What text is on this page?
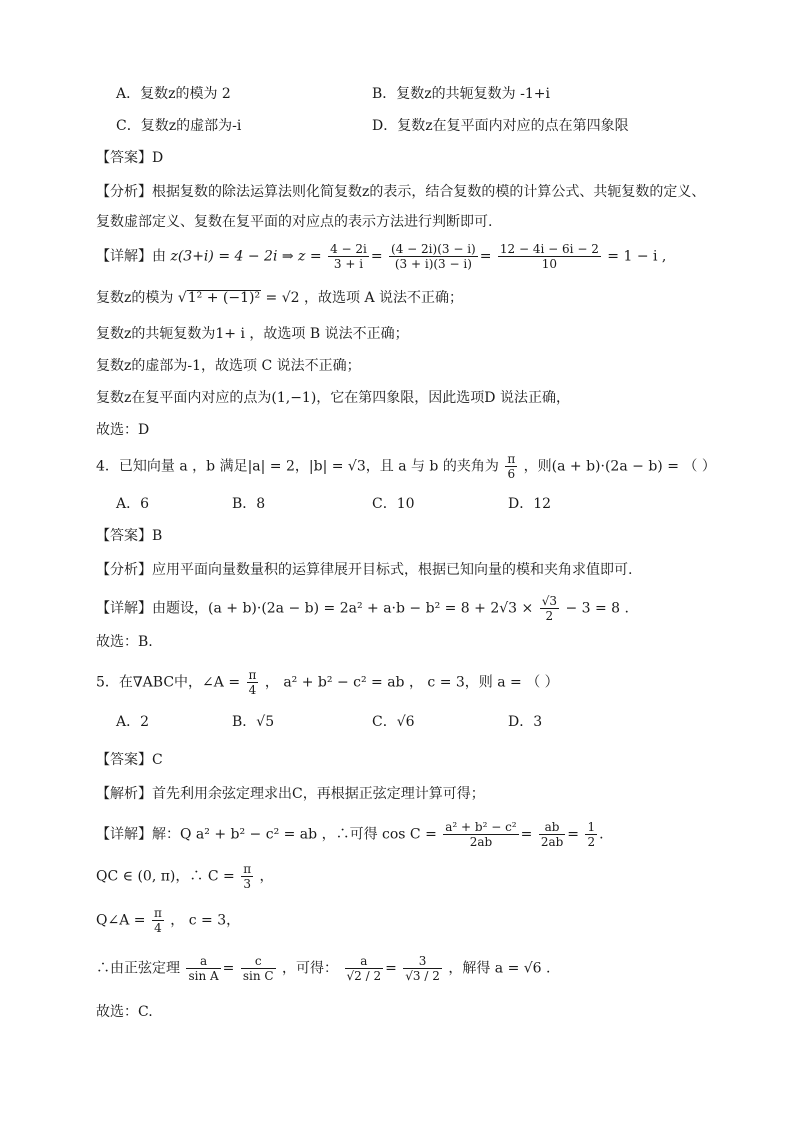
A．复数z的模为 2	B．复数z的共轭复数为 -1+i
C．复数z的虚部为-i	D．复数z在复平面内对应的点在第四象限
【答案】D
【分析】根据复数的除法运算法则化简复数z的表示，结合复数的模的计算公式、共轭复数的定义、
复数虚部定义、复数在复平面的对应点的表示方法进行判断即可.
【详解】由 z(3+i) = 4 − 2i ⇒ $z = \frac{4 - 2i}{3 + i} = \frac{(4 - 2i)(3 - i)}{(3 + i)(3 - i)} = \frac{12 - 4i - 6i - 2}{10} = 1 - i$ ,
复数z的模为 √1² + (−1)² = √2 ，故选项 A 说法不正确；
复数z的共轭复数为1+ i ，故选项 B 说法不正确；
复数z的虚部为-1，故选项 C 说法不正确；
复数z在复平面内对应的点为(1,−1)，它在第四象限，因此选项D 说法正确，
故选：D
4．已知向量 a ，b 满足|a| = 2，|b| = √3，且 a 与 b 的夹角为 $\frac{\pi}{6}$ ，则(a + b)·(2a − b) = （ ）
A．6	B．8	C．10	D．12
【答案】B
【分析】应用平面向量数量积的运算律展开目标式，根据已知向量的模和夹角求值即可.
【详解】由题设，$(a + b)\cdot(2a - b) = 2a^2 + a\cdot b - b^2 = 8 + 2√3 \times \frac{√3}{2} - 3 = 8$ .
故选：B.
5．在∇ABC中，∠A = $\frac{\pi}{4}$ ， a² + b² − c² = ab ， c = 3，则 a = （ ）
A．2	B．√5	C．√6	D．3
【答案】C
【解析】首先利用余弦定理求出C，再根据正弦定理计算可得；
【详解】解：Q a² + b² − c² = ab ，∴可得 $\cos C = \frac{\text{a² + b² − c²}}{2ab} = \frac{ab}{2ab} = \frac{1}{2}$ .
QC ∈ (0, π)，∴ $C = \frac{\pi}{3}$ ，
Q∠A = $\frac{\pi}{4}$ ， c = 3，
∴由正弦定理 $\frac{a}{\text{sin A}} = \frac{c}{\text{sin C}}$ ，可得： $\frac{a}{√2 / 2} = \frac{3}{√3 / 2}$ ，解得 a = √6 .
故选：C.
